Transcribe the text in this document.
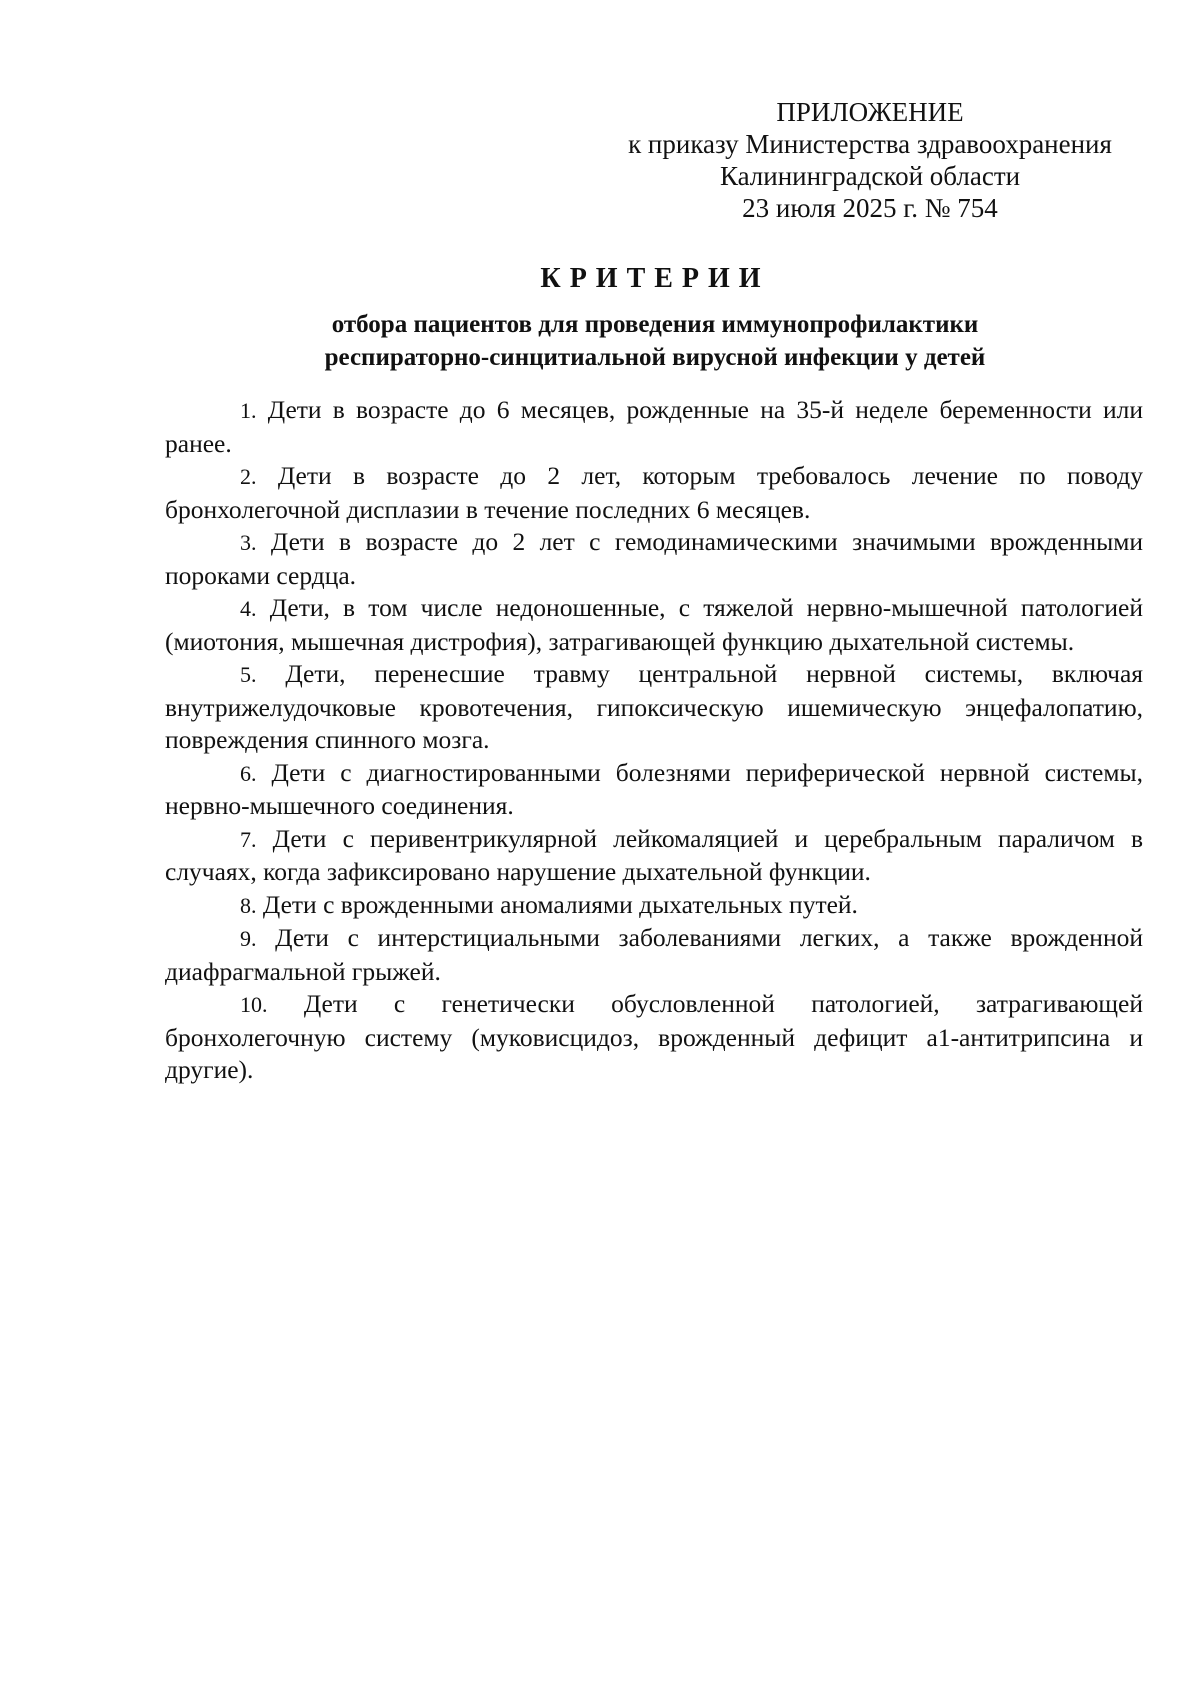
ПРИЛОЖЕНИЕ
к приказу Министерства здравоохранения
Калининградской области
23 июля 2025 г. № 754
КРИТЕРИИ
отбора пациентов для проведения иммунопрофилактики
респираторно-синцитиальной вирусной инфекции у детей

1. Дети в возрасте до 6 месяцев, рожденные на 35-й неделе беременности или ранее.

2. Дети в возрасте до 2 лет, которым требовалось лечение по поводу бронхолегочной дисплазии в течение последних 6 месяцев.

3. Дети в возрасте до 2 лет с гемодинамическими значимыми врожденными пороками сердца.

4. Дети, в том числе недоношенные, с тяжелой нервно-мышечной патологией (миотония, мышечная дистрофия), затрагивающей функцию дыхательной системы.

5. Дети, перенесшие травму центральной нервной системы, включая внутрижелудочковые кровотечения, гипоксическую ишемическую энцефалопатию, повреждения спинного мозга.

6. Дети с диагностированными болезнями периферической нервной системы, нервно-мышечного соединения.

7. Дети с перивентрикулярной лейкомаляцией и церебральным параличом в случаях, когда зафиксировано нарушение дыхательной функции.

8. Дети с врожденными аномалиями дыхательных путей.

9. Дети с интерстициальными заболеваниями легких, а также врожденной диафрагмальной грыжей.

10. Дети с генетически обусловленной патологией, затрагивающей бронхолегочную систему (муковисцидоз, врожденный дефицит а1-антитрипсина и другие).
